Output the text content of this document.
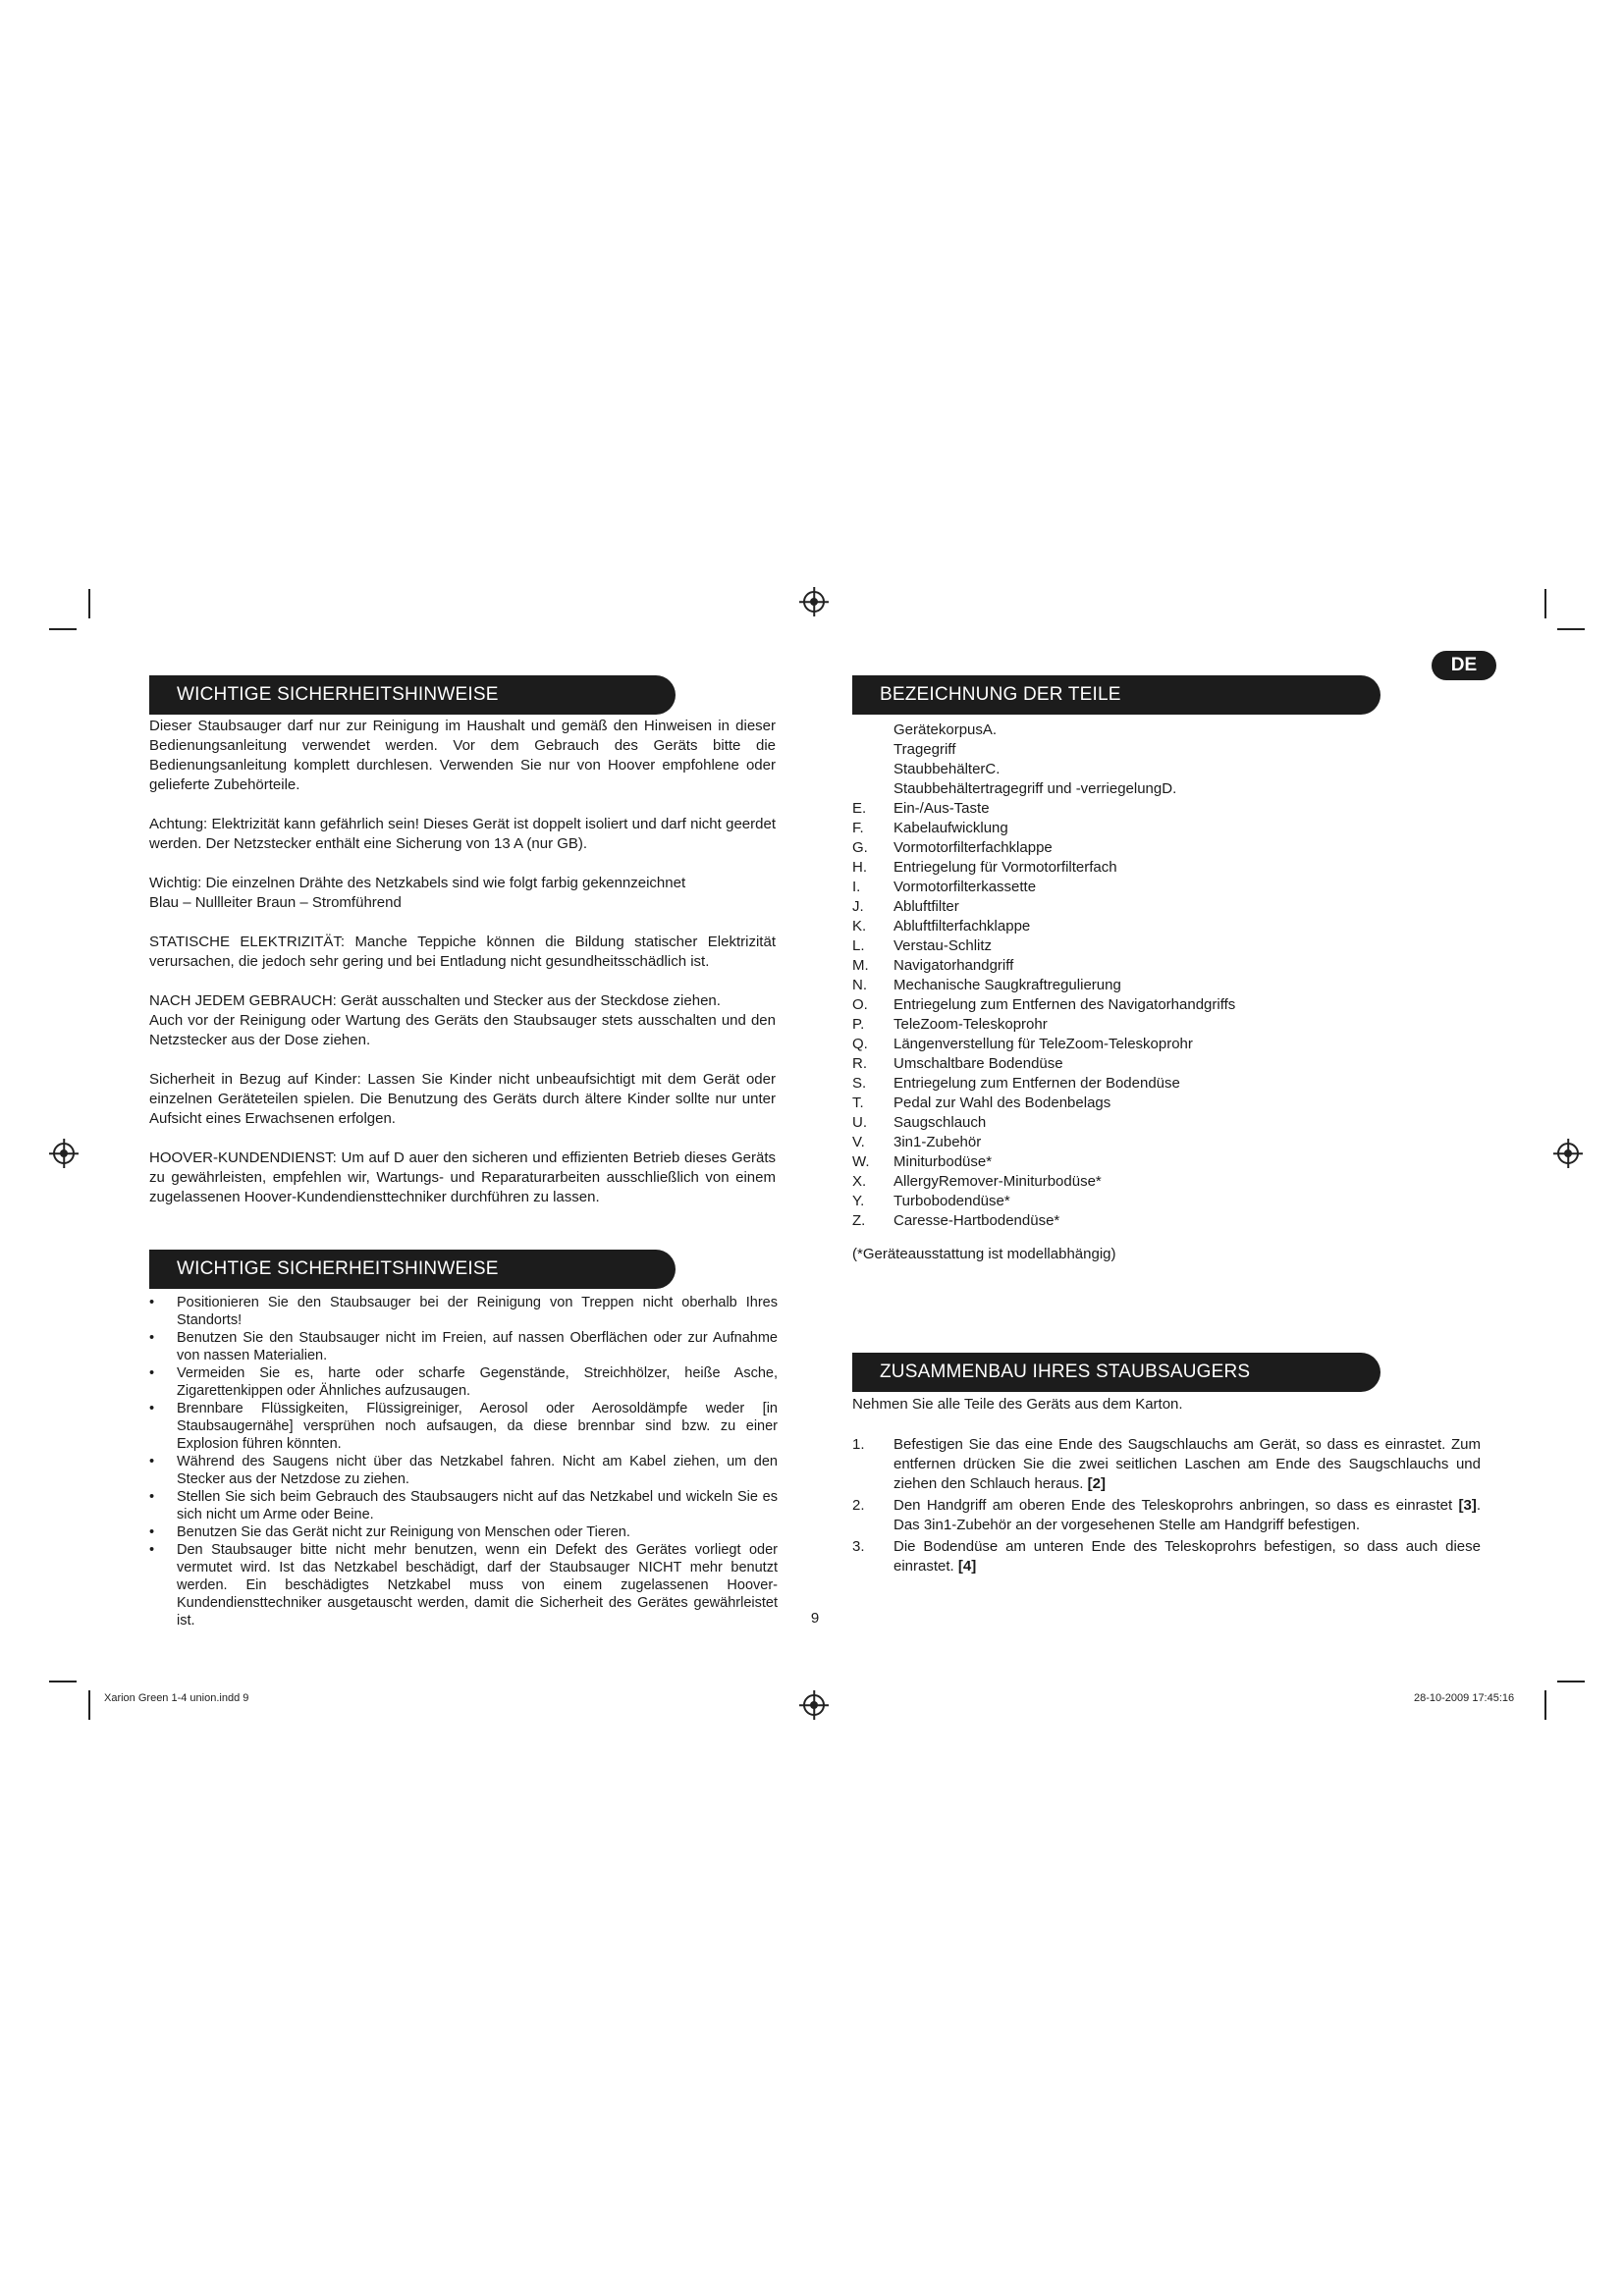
DE
WICHTIGE SICHERHEITSHINWEISE

Dieser Staubsauger darf nur zur Reinigung im Haushalt und gemäß den Hinweisen in dieser Bedienungsanleitung verwendet werden. Vor dem Gebrauch des Geräts bitte die Bedienungsanleitung komplett durchlesen. Verwenden Sie nur von Hoover empfohlene oder gelieferte Zubehörteile.

Achtung: Elektrizität kann gefährlich sein! Dieses Gerät ist doppelt isoliert und darf nicht geerdet werden. Der Netzstecker enthält eine Sicherung von 13 A (nur GB).

Wichtig: Die einzelnen Drähte des Netzkabels sind wie folgt farbig gekennzeichnet
Blau – Nullleiter Braun – Stromführend

STATISCHE ELEKTRIZITÄT: Manche Teppiche können die Bildung statischer Elektrizität verursachen, die jedoch sehr gering und bei Entladung nicht gesundheitsschädlich ist.

NACH JEDEM GEBRAUCH: Gerät ausschalten und Stecker aus der Steckdose ziehen.
Auch vor der Reinigung oder Wartung des Geräts den Staubsauger stets ausschalten und den Netzstecker aus der Dose ziehen.

Sicherheit in Bezug auf Kinder: Lassen Sie Kinder nicht unbeaufsichtigt mit dem Gerät oder einzelnen Geräteteilen spielen. Die Benutzung des Geräts durch ältere Kinder sollte nur unter Aufsicht eines Erwachsenen erfolgen.

HOOVER-KUNDENDIENST: Um auf D auer den sicheren und effizienten Betrieb dieses Geräts zu gewährleisten, empfehlen wir, Wartungs- und Reparaturarbeiten ausschließlich von einem zugelassenen Hoover-Kundendiensttechniker durchführen zu lassen.

WICHTIGE SICHERHEITSHINWEISE
• Positionieren Sie den Staubsauger bei der Reinigung von Treppen nicht oberhalb Ihres Standorts!
• Benutzen Sie den Staubsauger nicht im Freien, auf nassen Oberflächen oder zur Aufnahme von nassen Materialien.
• Vermeiden Sie es, harte oder scharfe Gegenstände, Streichhölzer, heiße Asche, Zigarettenkippen oder Ähnliches aufzusaugen.
• Brennbare Flüssigkeiten, Flüssigreiniger, Aerosol oder Aerosoldämpfe weder [in Staubsaugernähe] versprühen noch aufsaugen, da diese brennbar sind bzw. zu einer Explosion führen könnten.
• Während des Saugens nicht über das Netzkabel fahren. Nicht am Kabel ziehen, um den Stecker aus der Netzdose zu ziehen.
• Stellen Sie sich beim Gebrauch des Staubsaugers nicht auf das Netzkabel und wickeln Sie es sich nicht um Arme oder Beine.
• Benutzen Sie das Gerät nicht zur Reinigung von Menschen oder Tieren.
• Den Staubsauger bitte nicht mehr benutzen, wenn ein Defekt des Gerätes vorliegt oder vermutet wird. Ist das Netzkabel beschädigt, darf der Staubsauger NICHT mehr benutzt werden. Ein beschädigtes Netzkabel muss von einem zugelassenen Hoover-Kundendiensttechniker ausgetauscht werden, damit die Sicherheit des Gerätes gewährleistet ist.
BEZEICHNUNG DER TEILE
GerätekorpusA.
Tragegriff
StaubbehälterC.
Staubbehältertragegriff und -verriegelungD.
E.	Ein-/Aus-Taste
F.	Kabelaufwicklung
G.	Vormotorfilterfachklappe
H.	Entriegelung für Vormotorfilterfach
I.	Vormotorfilterkassette
J.	Abluftfilter
K.	Abluftfilterfachklappe
L.	Verstau-Schlitz
M.	Navigatorhandgriff
N.	Mechanische Saugkraftregulierung
O.	Entriegelung zum Entfernen des Navigatorhandgriffs
P.	TeleZoom-Teleskoprohr
Q.	Längenverstellung für TeleZoom-Teleskoprohr
R.	Umschaltbare Bodendüse
S.	Entriegelung zum Entfernen der Bodendüse
T.	Pedal zur Wahl des Bodenbelags
U.	Saugschlauch
V.	3in1-Zubehör
W.	Miniturbodüse*
X.	AllergyRemover-Miniturbodüse*
Y.	Turbobodendüse*
Z.	Caresse-Hartbodendüse*

(*Geräteausstattung ist modellabhängig)

ZUSAMMENBAU IHRES STAUBSAUGERS

Nehmen Sie alle Teile des Geräts aus dem Karton.

1. Befestigen Sie das eine Ende des Saugschlauchs am Gerät, so dass es einrastet. Zum entfernen drücken Sie die zwei seitlichen Laschen am Ende des Saugschlauchs und ziehen den Schlauch heraus. [2]
2. Den Handgriff am oberen Ende des Teleskoprohrs anbringen, so dass es einrastet [3]. Das 3in1-Zubehör an der vorgesehenen Stelle am Handgriff befestigen.
3. Die Bodendüse am unteren Ende des Teleskoprohrs befestigen, so dass auch diese einrastet. [4]
9
Xarion Green 1-4 union.indd 9	28-10-2009 17:45:16
